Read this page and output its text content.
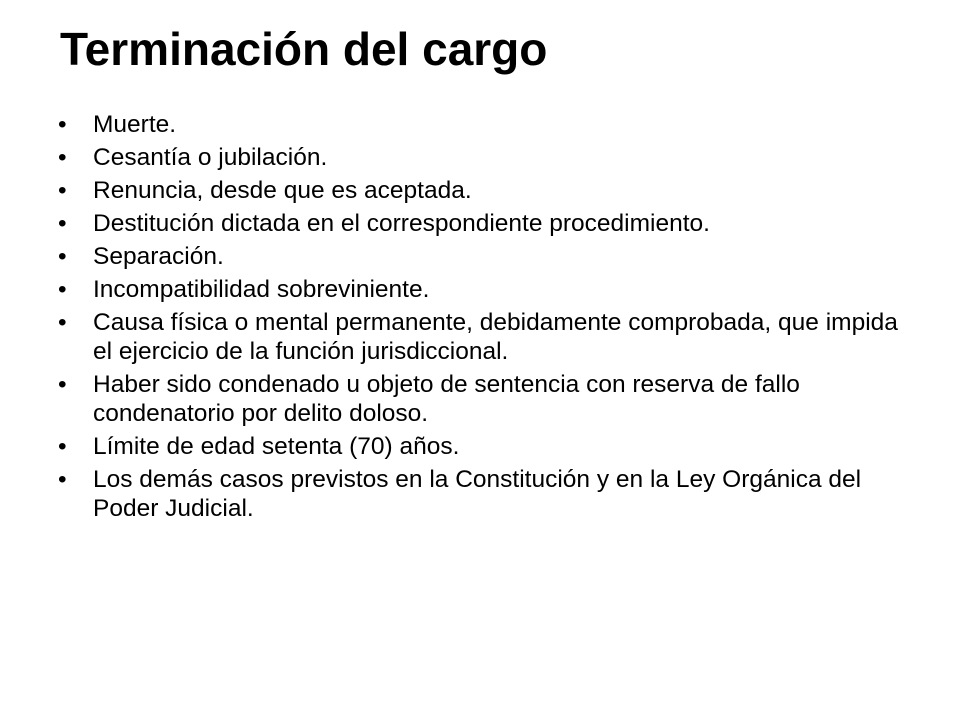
Terminación del cargo
• Muerte.
• Cesantía o jubilación.
• Renuncia, desde que es aceptada.
• Destitución dictada en el correspondiente procedimiento.
• Separación.
• Incompatibilidad sobreviniente.
• Causa física o mental permanente, debidamente comprobada, que impida el ejercicio de la función jurisdiccional.
• Haber sido condenado u objeto de sentencia con reserva de fallo condenatorio por delito doloso.
• Límite de edad setenta (70) años.
• Los demás casos previstos en la Constitución y en la Ley Orgánica del Poder Judicial.
